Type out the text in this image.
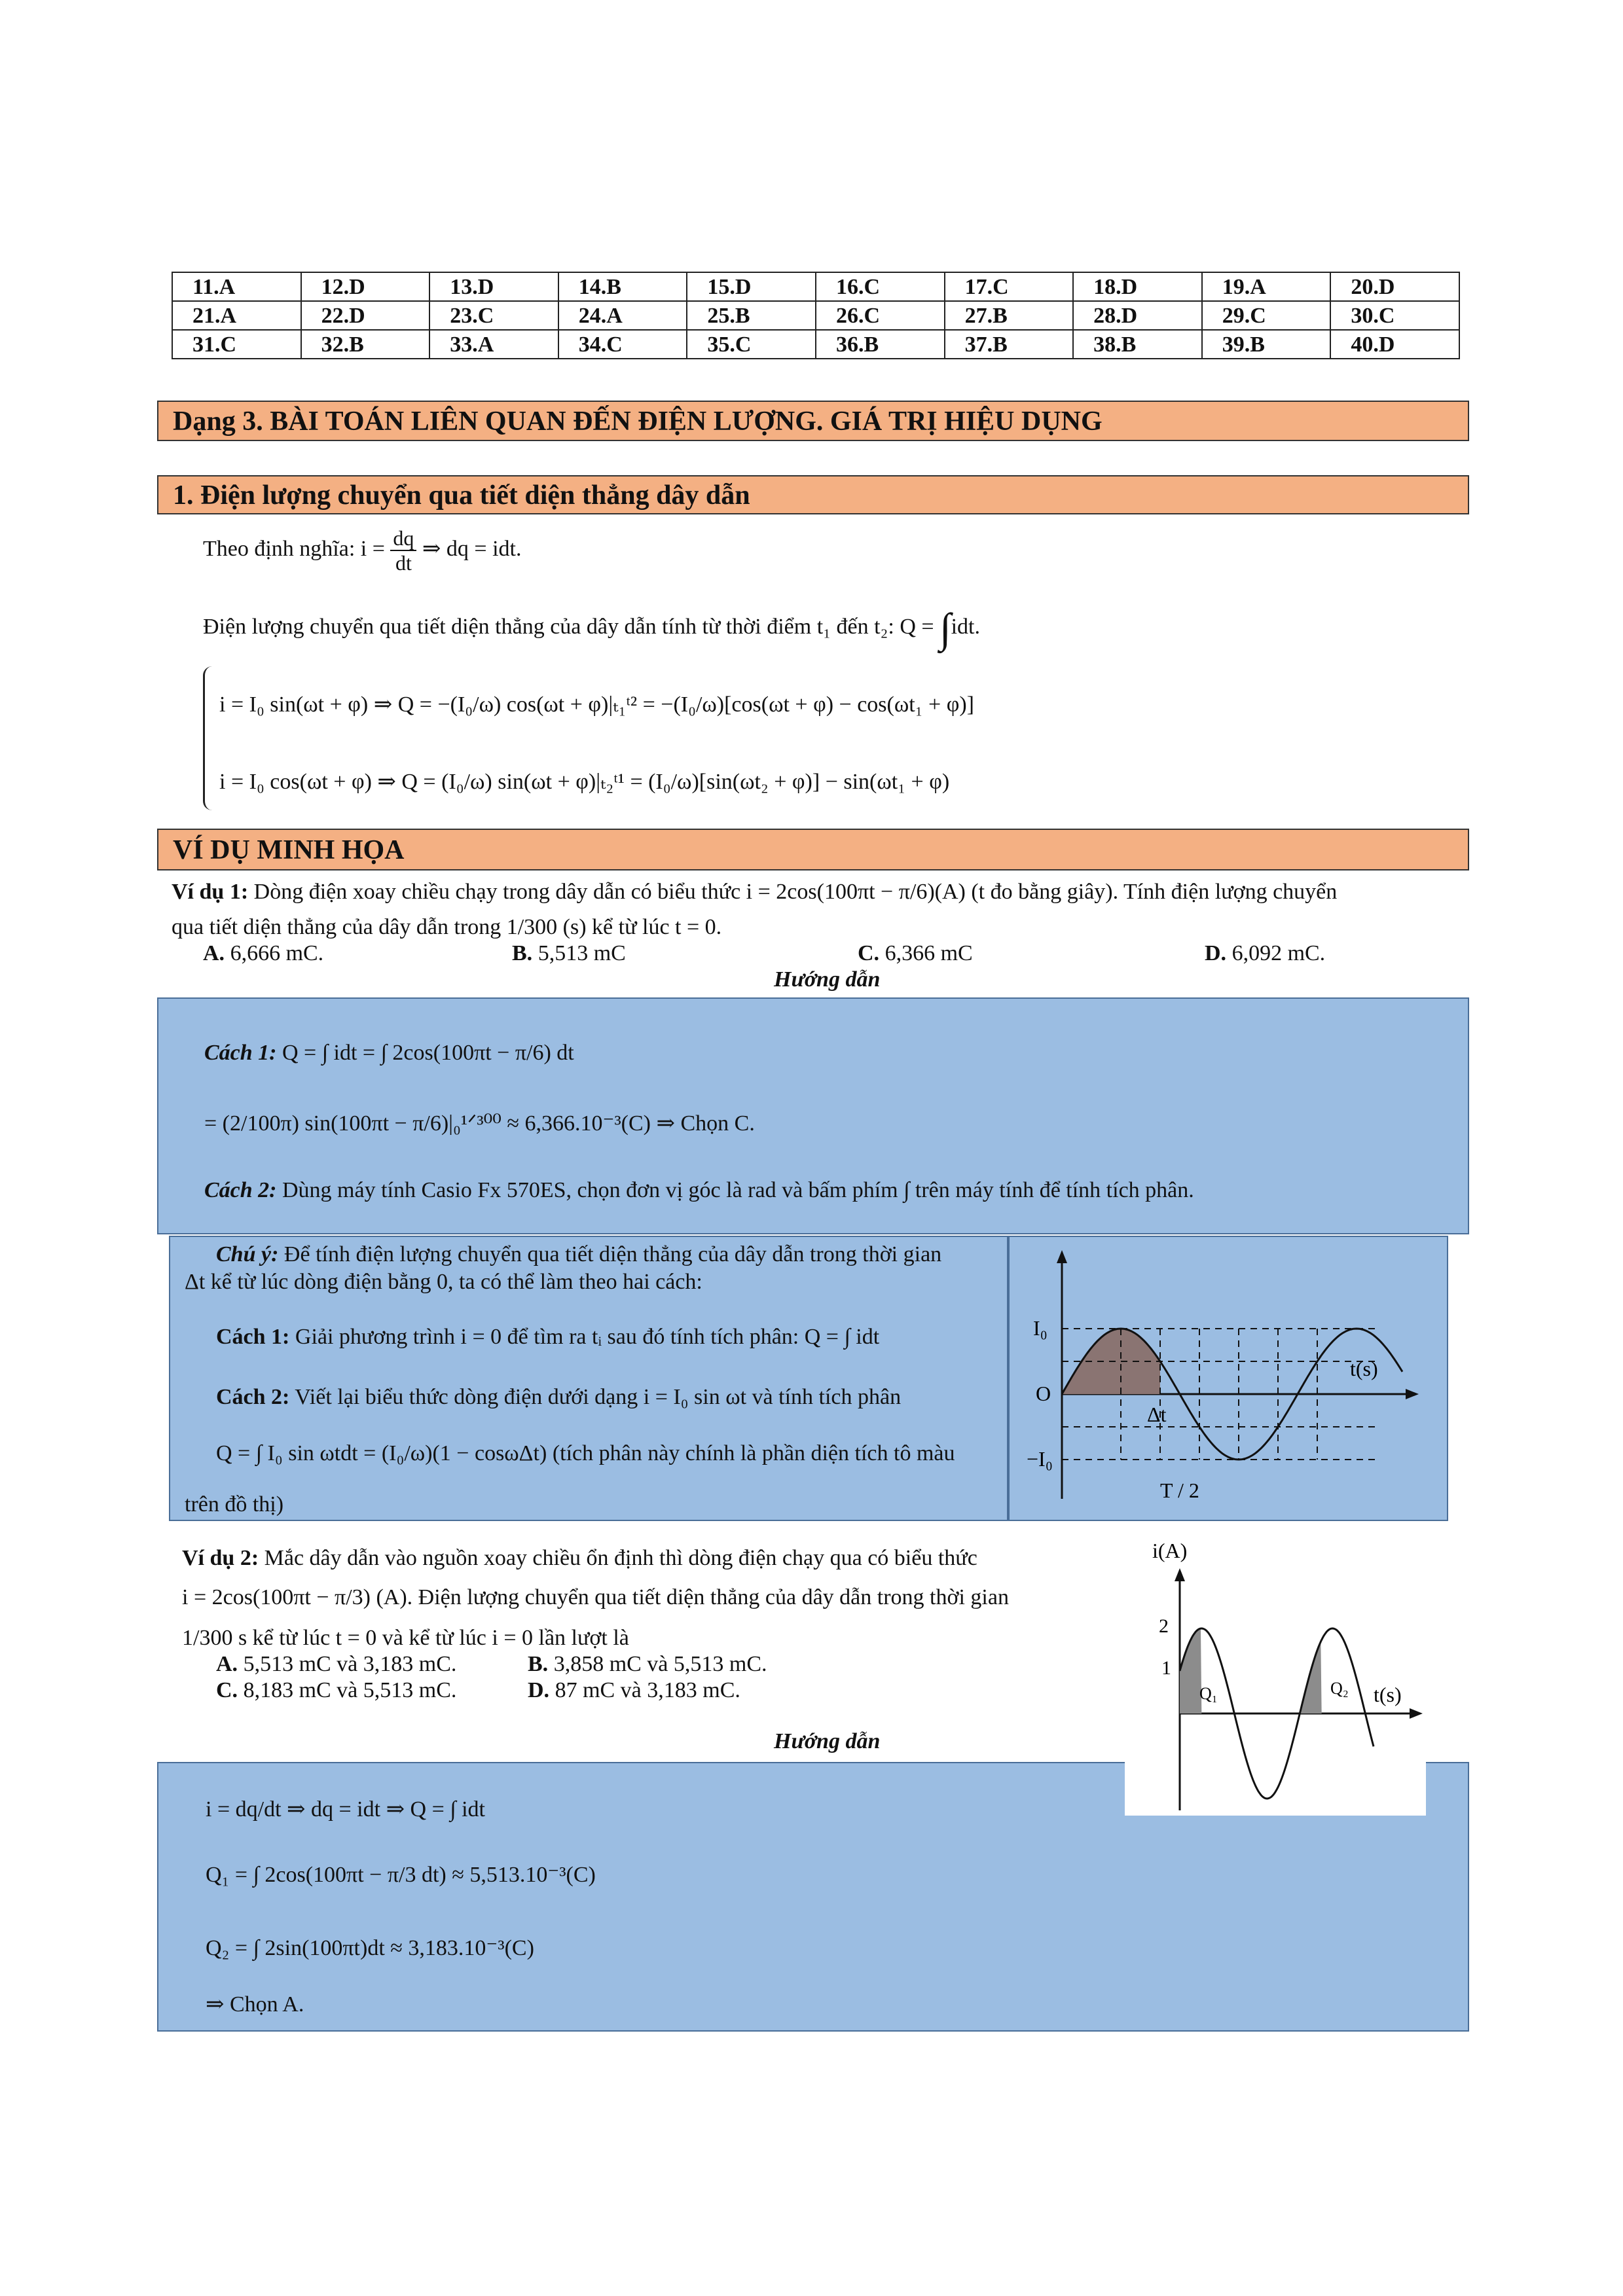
11.A	12.D	13.D	14.B	15.D	16.C	17.C	18.D	19.A	20.D
21.A	22.D	23.C	24.A	25.B	26.C	27.B	28.D	29.C	30.C
31.C	32.B	33.A	34.C	35.C	36.B	37.B	38.B	39.B	40.D
Dạng 3. BÀI TOÁN LIÊN QUAN ĐẾN ĐIỆN LƯỢNG. GIÁ TRỊ HIỆU DỤNG
1. Điện lượng chuyển qua tiết diện thẳng dây dẫn
Theo định nghĩa: $i = \frac{dq}{dt}$ ⇒ dq = idt.
Điện lượng chuyển qua tiết diện thẳng của dây dẫn tính từ thời điểm t₁ đến t₂: Q = ∫idt.
i = I₀ sin(ωt + φ) ⇒ Q = −(I₀/ω) cos(ωt + φ)|ₜ₁ᵗ² = −(I₀/ω)[cos(ωt + φ) − cos(ωt₁ + φ)]
i = I₀ cos(ωt + φ) ⇒ Q = (I₀/ω) sin(ωt + φ)|ₜ₂ᵗ¹ = (I₀/ω)[sin(ωt₂ + φ)] − sin(ωt₁ + φ)
VÍ DỤ MINH HỌA
Ví dụ 1: Dòng điện xoay chiều chạy trong dây dẫn có biểu thức i = 2cos(100πt − π/6)(A) (t đo bằng giây). Tính điện lượng chuyển
qua tiết diện thẳng của dây dẫn trong 1/300 (s) kể từ lúc t = 0.
A. 6,666 mC.	B. 5,513 mC	C. 6,366 mC	D. 6,092 mC.
Hướng dẫn
Cách 1: Q = ∫ idt = ∫ 2cos(100πt − π/6) dt
= (2/100π) sin(100πt − π/6)|₀¹ᐟ³⁰⁰ ≈ 6,366.10⁻³(C) ⇒ Chọn C.
Cách 2: Dùng máy tính Casio Fx 570ES, chọn đơn vị góc là rad và bấm phím ∫ trên máy tính để tính tích phân.
Chú ý: Để tính điện lượng chuyển qua tiết diện thẳng của dây dẫn trong thời gian
Δt kể từ lúc dòng điện bằng 0, ta có thể làm theo hai cách:
Cách 1: Giải phương trình i = 0 để tìm ra tᵢ sau đó tính tích phân: Q = ∫ idt
Cách 2: Viết lại biểu thức dòng điện dưới dạng i = I₀ sin ωt và tính tích phân
Q = ∫ I₀ sin ωtdt = (I₀/ω)(1 − cosωΔt) (tích phân này chính là phần diện tích tô màu
trên đồ thị)
I₀
O
−I₀
Δt
t(s)
T / 2
Ví dụ 2: Mắc dây dẫn vào nguồn xoay chiều ổn định thì dòng điện chạy qua có biểu thức
i = 2cos(100πt − π/3) (A). Điện lượng chuyển qua tiết diện thẳng của dây dẫn trong thời gian
1/300 s kể từ lúc t = 0 và kể từ lúc i = 0 lần lượt là
A. 5,513 mC và 3,183 mC.	B. 3,858 mC và 5,513 mC.
C. 8,183 mC và 5,513 mC.	D. 87 mC và 3,183 mC.
Hướng dẫn
i = dq/dt ⇒ dq = idt ⇒ Q = ∫ idt
Q₁ = ∫ 2cos(100πt − π/3 dt) ≈ 5,513.10⁻³(C)
Q₂ = ∫ 2sin(100πt)dt ≈ 3,183.10⁻³(C)
⇒ Chọn A.
i(A)
2
1
Q₁	Q₂ t(s)
